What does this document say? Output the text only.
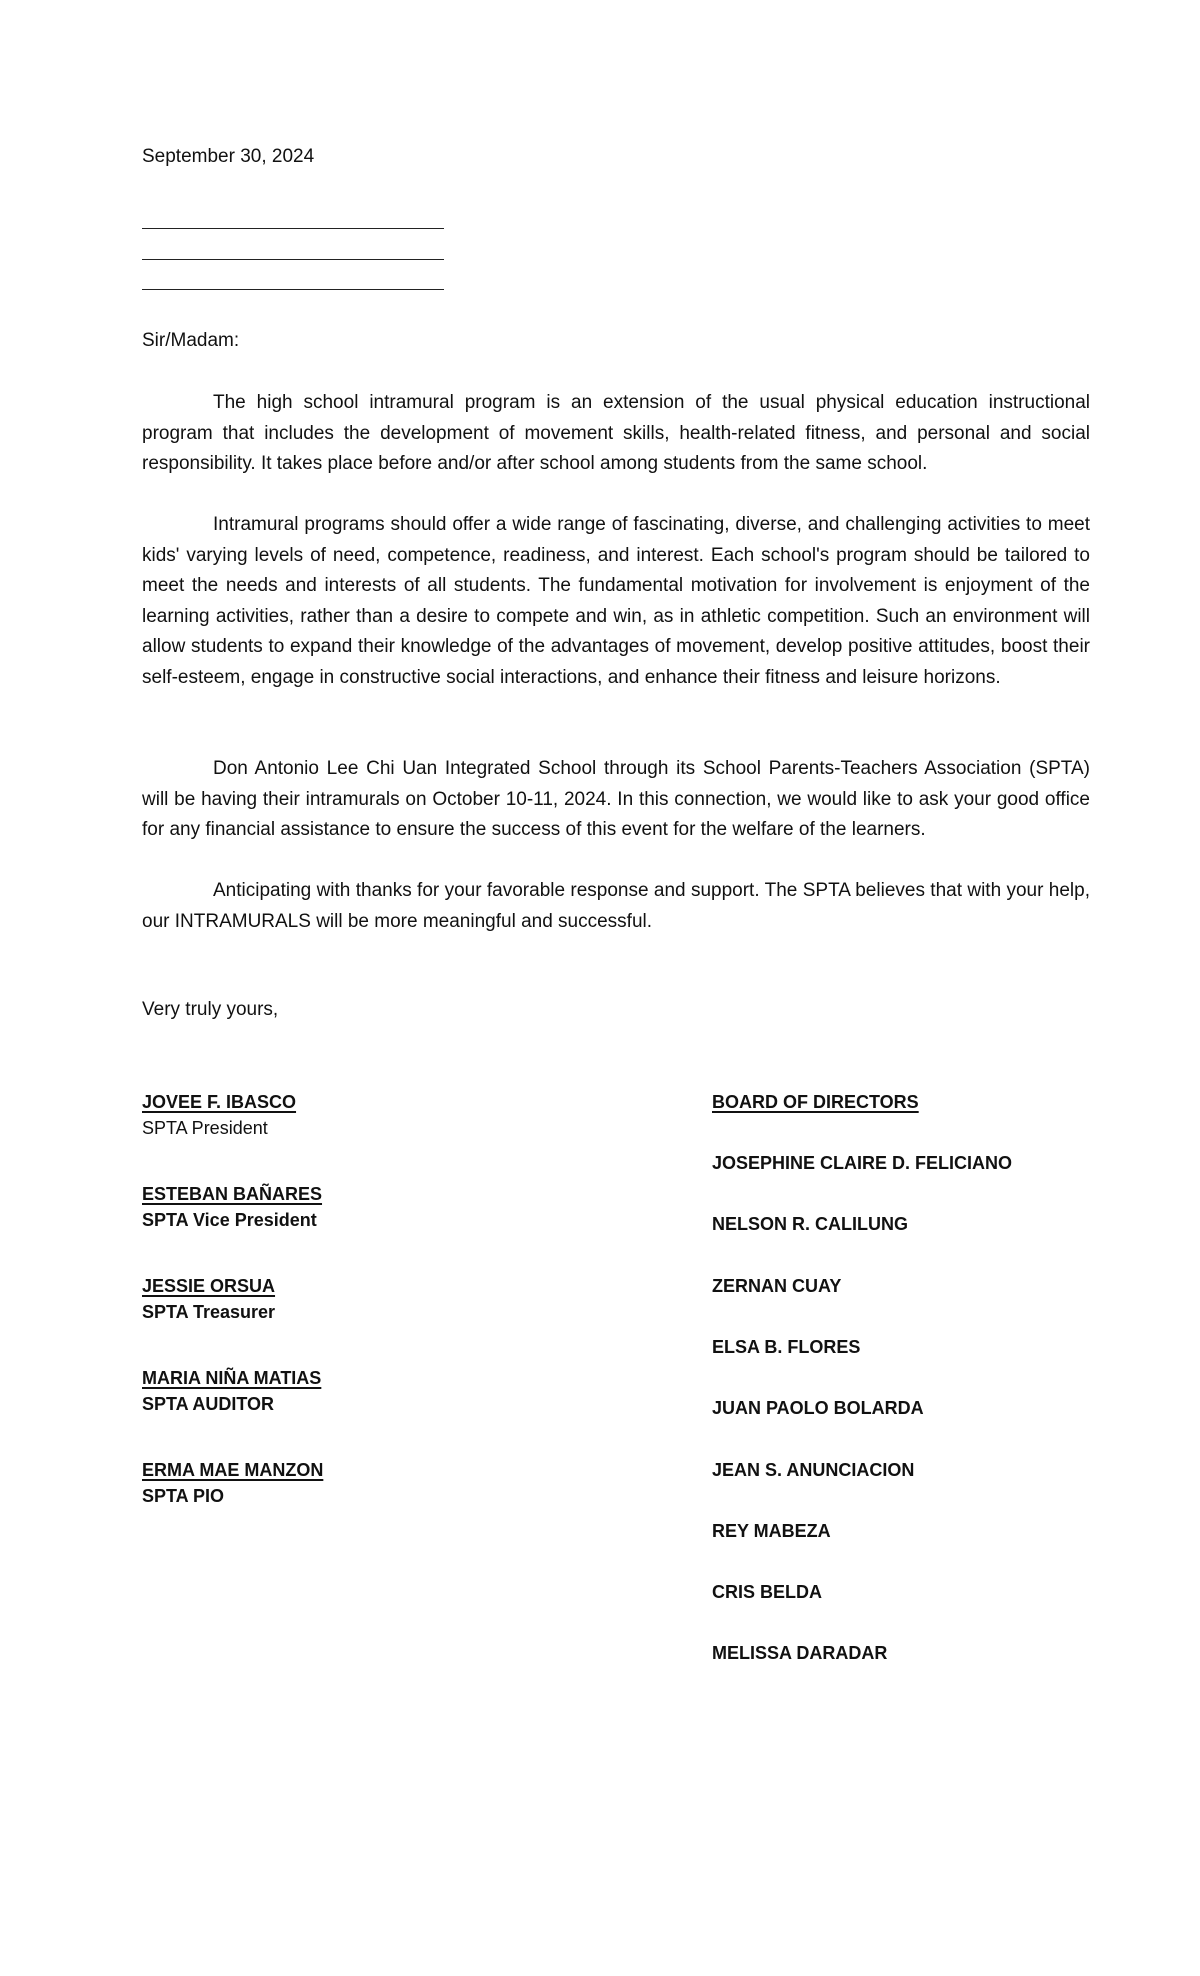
September 30, 2024
Sir/Madam:

The high school intramural program is an extension of the usual physical education instructional program that includes the development of movement skills, health-related fitness, and personal and social responsibility. It takes place before and/or after school among students from the same school.

Intramural programs should offer a wide range of fascinating, diverse, and challenging activities to meet kids' varying levels of need, competence, readiness, and interest. Each school's program should be tailored to meet the needs and interests of all students. The fundamental motivation for involvement is enjoyment of the learning activities, rather than a desire to compete and win, as in athletic competition. Such an environment will allow students to expand their knowledge of the advantages of movement, develop positive attitudes, boost their self-esteem, engage in constructive social interactions, and enhance their fitness and leisure horizons.

Don Antonio Lee Chi Uan Integrated School through its School Parents-Teachers Association (SPTA) will be having their intramurals on October 10-11, 2024. In this connection, we would like to ask your good office for any financial assistance to ensure the success of this event for the welfare of the learners.

Anticipating with thanks for your favorable response and support. The SPTA believes that with your help, our INTRAMURALS will be more meaningful and successful.

Very truly yours,
JOVEE F. IBASCO
SPTA President
ESTEBAN BAÑARES
SPTA Vice President
JESSIE ORSUA
SPTA Treasurer
MARIA NIÑA MATIAS
SPTA AUDITOR
ERMA MAE MANZON
SPTA PIO
BOARD OF DIRECTORS
JOSEPHINE CLAIRE D. FELICIANO
NELSON R. CALILUNG
ZERNAN CUAY
ELSA B. FLORES
JUAN PAOLO BOLARDA
JEAN S. ANUNCIACION
REY MABEZA
CRIS BELDA
MELISSA DARADAR
